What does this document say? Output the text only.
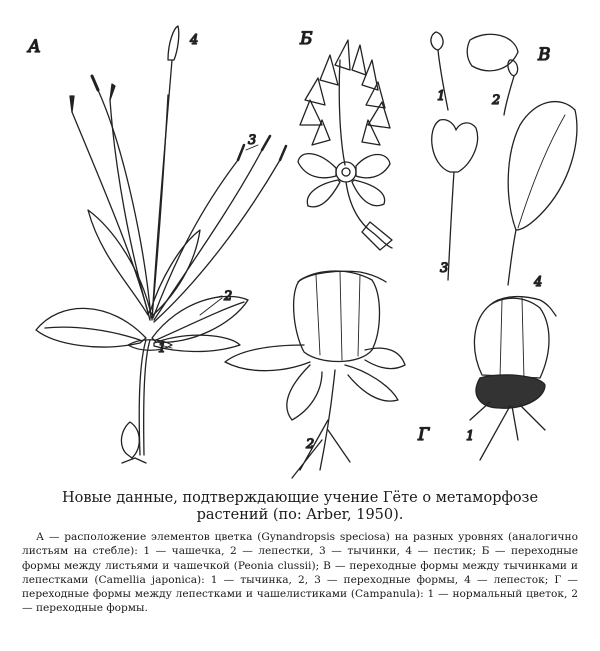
А
1
2
3
4	Б
В
1	2
3
4
Г
2
1
Новые данные, подтверждающие учение Гёте о метаморфозе
растений (по: Arber, 1950).

А — расположение элементов цветка (Gynandropsis speciosa) на разных уровнях (аналогично листьям на стебле): 1 — чашечка, 2 — лепестки, 3 — тычинки, 4 — пестик; Б — переходные формы между листьями и чашечкой (Peonia clussii); В — переходные формы между тычинками и лепестками (Camellia japonica): 1 — тычинка, 2, 3 — переходные формы, 4 — лепесток; Г — переходные формы между лепестками и чашелистиками (Campanula): 1 — нормальный цветок, 2 — переходные формы.
